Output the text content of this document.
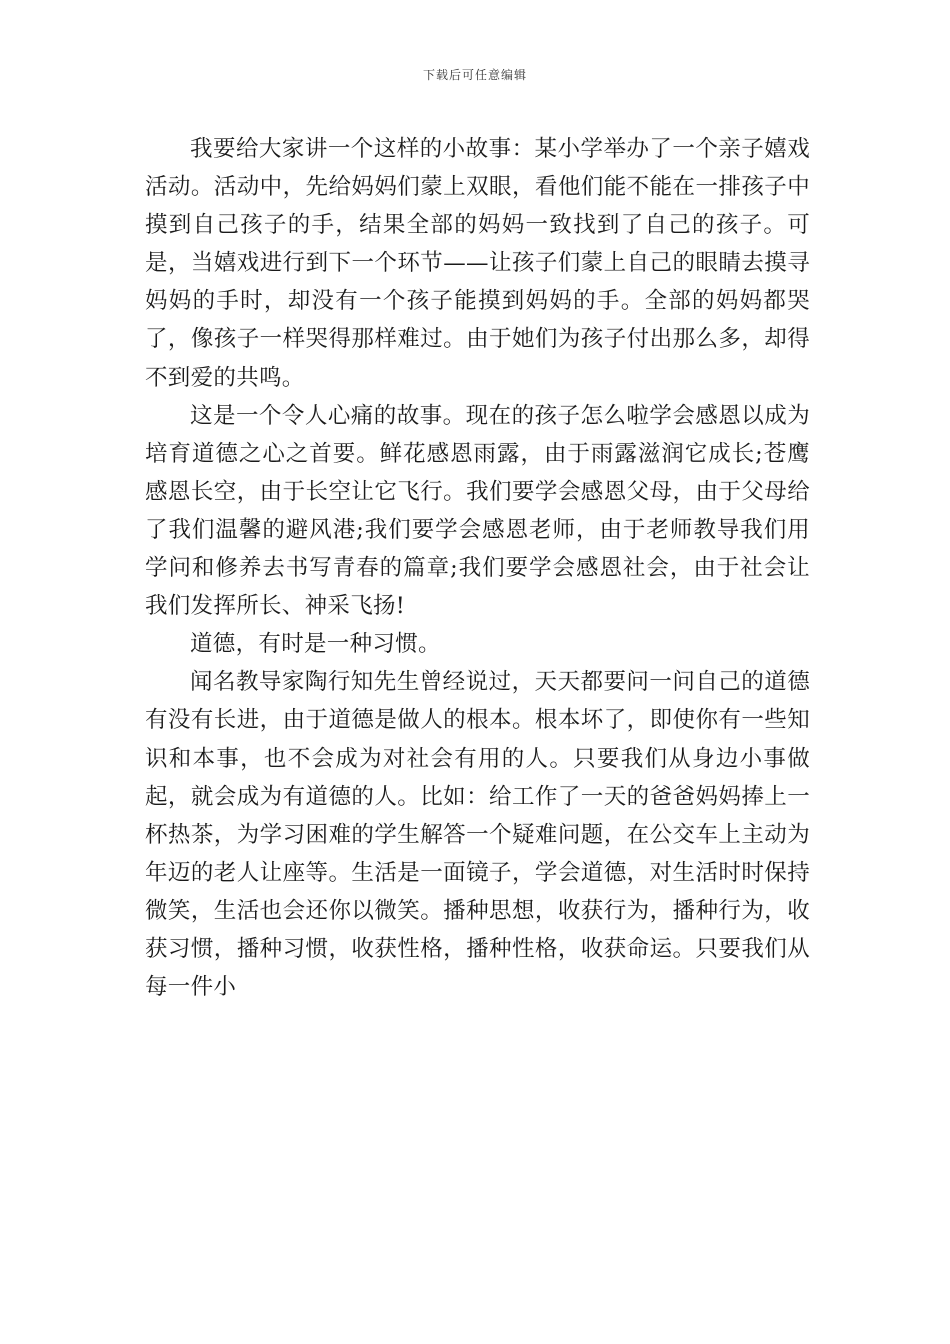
下载后可任意编辑

我要给大家讲一个这样的小故事：某小学举办了一个亲子嬉戏活动。活动中，先给妈妈们蒙上双眼，看他们能不能在一排孩子中摸到自己孩子的手，结果全部的妈妈一致找到了自己的孩子。可是，当嬉戏进行到下一个环节——让孩子们蒙上自己的眼睛去摸寻妈妈的手时，却没有一个孩子能摸到妈妈的手。全部的妈妈都哭了，像孩子一样哭得那样难过。由于她们为孩子付出那么多，却得不到爱的共鸣。

这是一个令人心痛的故事。现在的孩子怎么啦学会感恩以成为培育道德之心之首要。鲜花感恩雨露，由于雨露滋润它成长;苍鹰感恩长空，由于长空让它飞行。我们要学会感恩父母，由于父母给了我们温馨的避风港;我们要学会感恩老师，由于老师教导我们用学问和修养去书写青春的篇章;我们要学会感恩社会，由于社会让我们发挥所长、神采飞扬!

道德，有时是一种习惯。

闻名教导家陶行知先生曾经说过，天天都要问一问自己的道德有没有长进，由于道德是做人的根本。根本坏了，即使你有一些知识和本事，也不会成为对社会有用的人。只要我们从身边小事做起，就会成为有道德的人。比如：给工作了一天的爸爸妈妈捧上一杯热茶，为学习困难的学生解答一个疑难问题，在公交车上主动为年迈的老人让座等。生活是一面镜子，学会道德，对生活时时保持微笑，生活也会还你以微笑。播种思想，收获行为，播种行为，收获习惯，播种习惯，收获性格，播种性格，收获命运。只要我们从每一件小
